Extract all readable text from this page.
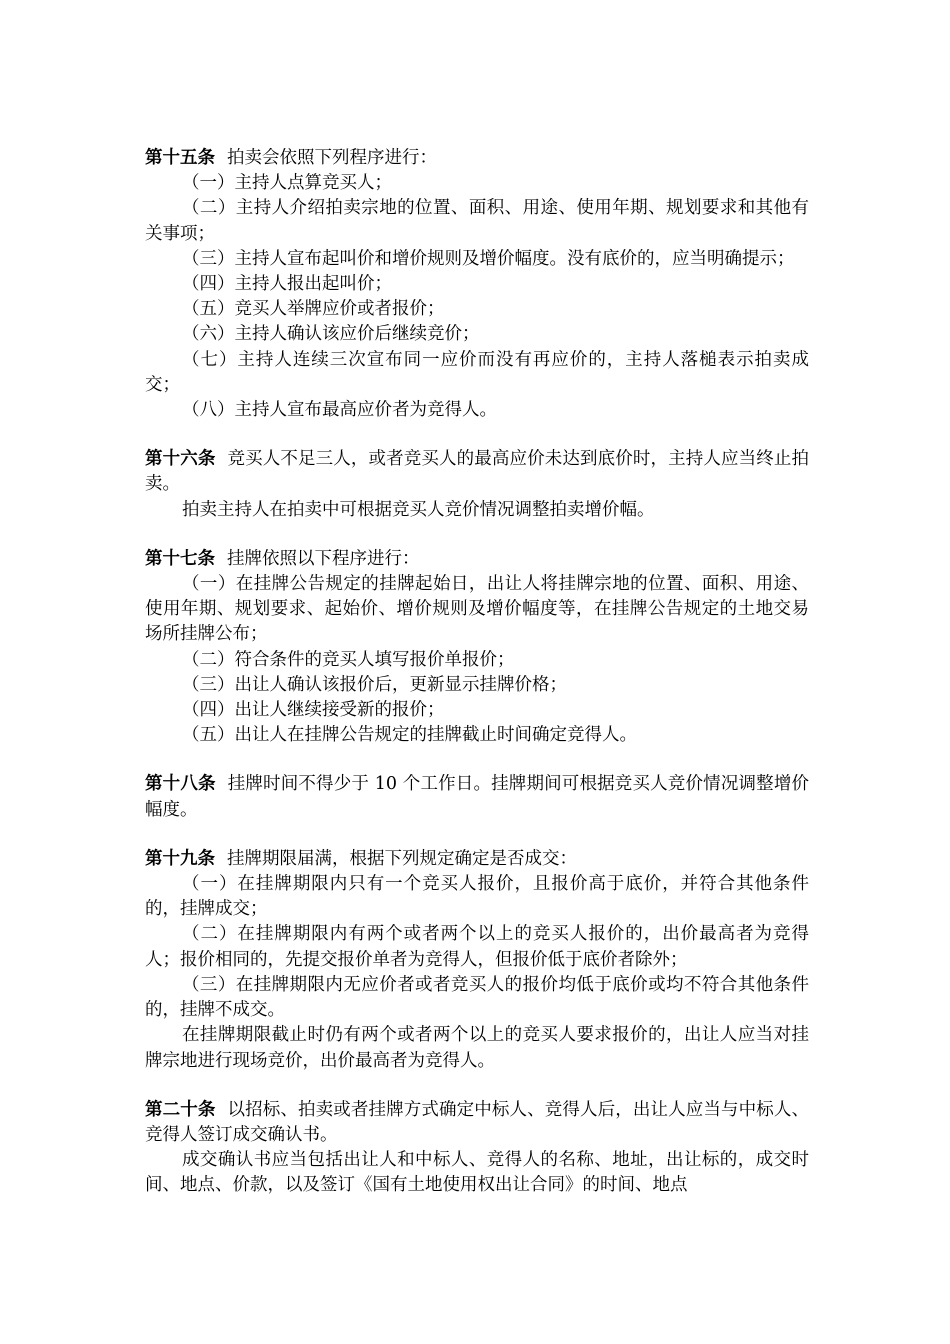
第十五条 拍卖会依照下列程序进行：

（一）主持人点算竞买人；

（二）主持人介绍拍卖宗地的位置、面积、用途、使用年期、规划要求和其他有关事项；

（三）主持人宣布起叫价和增价规则及增价幅度。没有底价的，应当明确提示；

（四）主持人报出起叫价；

（五）竞买人举牌应价或者报价；

（六）主持人确认该应价后继续竞价；

（七）主持人连续三次宣布同一应价而没有再应价的，主持人落槌表示拍卖成交；

（八）主持人宣布最高应价者为竞得人。

第十六条 竞买人不足三人，或者竞买人的最高应价未达到底价时，主持人应当终止拍卖。

拍卖主持人在拍卖中可根据竞买人竞价情况调整拍卖增价幅。

第十七条 挂牌依照以下程序进行：

（一）在挂牌公告规定的挂牌起始日，出让人将挂牌宗地的位置、面积、用途、使用年期、规划要求、起始价、增价规则及增价幅度等，在挂牌公告规定的土地交易场所挂牌公布；

（二）符合条件的竞买人填写报价单报价；

（三）出让人确认该报价后，更新显示挂牌价格；

（四）出让人继续接受新的报价；

（五）出让人在挂牌公告规定的挂牌截止时间确定竞得人。

第十八条 挂牌时间不得少于 10 个工作日。挂牌期间可根据竞买人竞价情况调整增价幅度。

第十九条 挂牌期限届满，根据下列规定确定是否成交：

（一）在挂牌期限内只有一个竞买人报价，且报价高于底价，并符合其他条件的，挂牌成交；

（二）在挂牌期限内有两个或者两个以上的竞买人报价的，出价最高者为竞得人；报价相同的，先提交报价单者为竞得人，但报价低于底价者除外；

（三）在挂牌期限内无应价者或者竞买人的报价均低于底价或均不符合其他条件的，挂牌不成交。

在挂牌期限截止时仍有两个或者两个以上的竞买人要求报价的，出让人应当对挂牌宗地进行现场竞价，出价最高者为竞得人。

第二十条 以招标、拍卖或者挂牌方式确定中标人、竞得人后，出让人应当与中标人、竞得人签订成交确认书。

成交确认书应当包括出让人和中标人、竞得人的名称、地址，出让标的，成交时间、地点、价款，以及签订《国有土地使用权出让合同》的时间、地点
